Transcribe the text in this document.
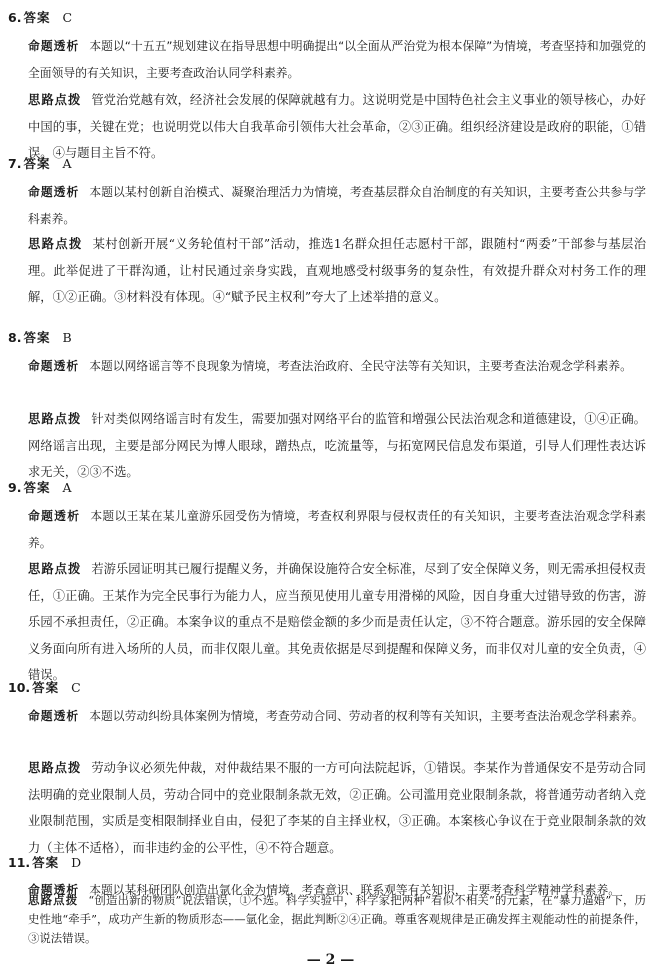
6. 答案 C
命题透析 本题以“十五五”规划建议在指导思想中明确提出“以全面从严治党为根本保障”为情境，考查坚持和加强党的全面领导的有关知识，主要考查政治认同学科素养。
思路点拨 管党治党越有效，经济社会发展的保障就越有力。这说明党是中国特色社会主义事业的领导核心，办好中国的事，关键在党；也说明党以伟大自我革命引领伟大社会革命，②③正确。组织经济建设是政府的职能，①错误。④与题目主旨不符。
7. 答案 A
命题透析 本题以某村创新自治模式、凝聚治理活力为情境，考查基层群众自治制度的有关知识，主要考查公共参与学科素养。
思路点拨 某村创新开展“义务轮值村干部”活动，推选1名群众担任志愿村干部，跟随村“两委”干部参与基层治理。此举促进了干群沟通，让村民通过亲身实践，直观地感受村级事务的复杂性，有效提升群众对村务工作的理解，①②正确。③材料没有体现。④“赋予民主权利”夸大了上述举措的意义。
8. 答案 B
命题透析 本题以网络谣言等不良现象为情境，考查法治政府、全民守法等有关知识，主要考查法治观念学科素养。
思路点拨 针对类似网络谣言时有发生，需要加强对网络平台的监管和增强公民法治观念和道德建设，①④正确。网络谣言出现，主要是部分网民为博人眼球，蹭热点，吃流量等，与拓宽网民信息发布渠道，引导人们理性表达诉求无关，②③不选。
9. 答案 A
命题透析 本题以王某在某儿童游乐园受伤为情境，考查权利界限与侵权责任的有关知识，主要考查法治观念学科素养。
思路点拨 若游乐园证明其已履行提醒义务，并确保设施符合安全标准，尽到了安全保障义务，则无需承担侵权责任，①正确。王某作为完全民事行为能力人，应当预见使用儿童专用滑梯的风险，因自身重大过错导致的伤害，游乐园不承担责任，②正确。本案争议的重点不是赔偿金额的多少而是责任认定，③不符合题意。游乐园的安全保障义务面向所有进入场所的人员，而非仅限儿童。其免责依据是尽到提醒和保障义务，而非仅对儿童的安全负责，④错误。
10. 答案 C
命题透析 本题以劳动纠纷具体案例为情境，考查劳动合同、劳动者的权利等有关知识，主要考查法治观念学科素养。
思路点拨 劳动争议必须先仲裁，对仲裁结果不服的一方可向法院起诉，①错误。李某作为普通保安不是劳动合同法明确的竞业限制人员，劳动合同中的竞业限制条款无效，②正确。公司滥用竞业限制条款，将普通劳动者纳入竞业限制范围，实质是变相限制择业自由，侵犯了李某的自主择业权，③正确。本案核心争议在于竞业限制条款的效力（主体不适格），而非违约金的公平性，④不符合题意。
11. 答案 D
命题透析 本题以某科研团队创造出氩化金为情境，考查意识、联系观等有关知识，主要考查科学精神学科素养。
— 2 —
思路点拨 “创造出新的物质”说法错误，①不选。科学实验中，科学家把两种“看似不相关”的元素，在“暴力逼婚”下，历史性地“牵手”，成功产生新的物质形态——氩化金，据此判断②④正确。尊重客观规律是正确发挥主观能动性的前提条件，③说法错误。
